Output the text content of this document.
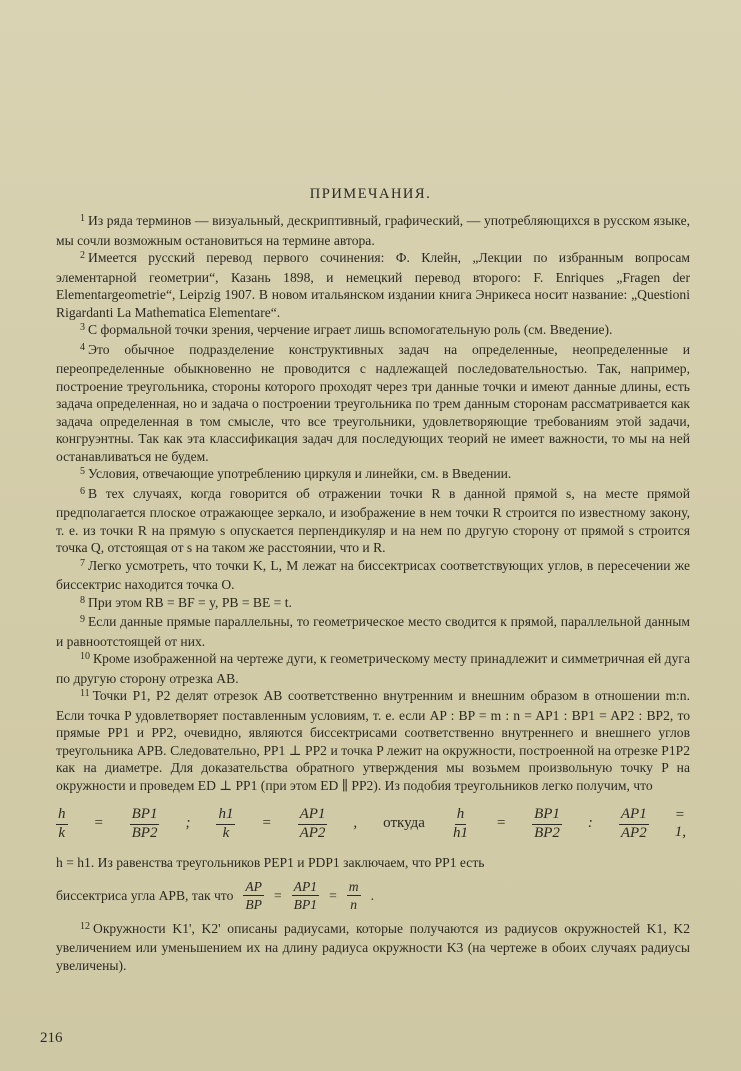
ПРИМЕЧАНИЯ.

$^1$ Из ряда терминов — визуальный, дескриптивный, графический, — употребляющихся в русском языке, мы сочли возможным остановиться на термине автора.

$^2$ Имеется русский перевод первого сочинения: Ф. Клейн, „Лекции по избранным вопросам элементарной геометрии“, Казань 1898, и немецкий перевод второго: F. Enriques „Fragen der Elementargeometrie“, Leipzig 1907. В новом итальянском издании книга Энрикеса носит название: „Questioni Rigardanti La Mathematica Elementare“.

$^3$ С формальной точки зрения, черчение играет лишь вспомогательную роль (см. Введение).

$^4$ Это обычное подразделение конструктивных задач на определенные, неопределенные и переопределенные обыкновенно не проводится с надлежащей последовательностью. Так, например, построение треугольника, стороны которого проходят через три данные точки и имеют данные длины, есть задача определенная, но и задача о построении треугольника по трем данным сторонам рассматривается как задача определенная в том смысле, что все треугольники, удовлетворяющие требованиям этой задачи, конгруэнтны. Так как эта классификация задач для последующих теорий не имеет важности, то мы на ней останавливаться не будем.

$^5$ Условия, отвечающие употреблению циркуля и линейки, см. в Введении.

$^6$ В тех случаях, когда говорится об отражении точки R в данной прямой s, на месте прямой предполагается плоское отражающее зеркало, и изображение в нем точки R строится по известному закону, т. е. из точки R на прямую s опускается перпендикуляр и на нем по другую сторону от прямой s строится точка Q, отстоящая от s на таком же расстоянии, что и R.

$^7$ Легко усмотреть, что точки K, L, M лежат на биссектрисах соответствующих углов, в пересечении же биссектрис находится точка O.

$^8$ При этом RB = BF = y, PB = BE = t.

$^9$ Если данные прямые параллельны, то геометрическое место сводится к прямой, параллельной данным и равноотстоящей от них.

$^{10}$ Кроме изображенной на чертеже дуги, к геометрическому месту принадлежит и симметричная ей дуга по другую сторону отрезка AB.

$^{11}$ Точки P1, P2 делят отрезок AB соответственно внутренним и внешним образом в отношении m:n. Если точка P удовлетворяет поставленным условиям, т. е. если AP : BP = m : n = AP1 : BP1 = AP2 : BP2, то прямые PP1 и PP2, очевидно, являются биссектрисами соответственно внутреннего и внешнего углов треугольника APB. Следовательно, PP1 ⊥ PP2 и точка P лежит на окружности, построенной на отрезке P1P2 как на диаметре. Для доказательства обратного утверждения мы возьмем произвольную точку P на окружности и проведем ED ⊥ PP1 (при этом ED ∥ PP2). Из подобия треугольников легко получим, что

$\frac{h}{k} = \frac{BP1}{BP2}$ ; $\frac{h1}{k} = \frac{AP1}{AP2}$ , откуда $\frac{h}{h1} = \frac{BP1}{BP2}$ : $\frac{AP1}{AP2} = 1$,

h = h1. Из равенства треугольников PEP1 и PDP1 заключаем, что PP1 есть

биссектриса угла APB, так что $\frac{AP}{BP} = \frac{AP1}{BP1} = \frac{m}{n}$ .

$^{12}$ Окружности K1', K2' описаны радиусами, которые получаются из радиусов окружностей K1, K2 увеличением или уменьшением их на длину радиуса окружности K3 (на чертеже в обоих случаях радиусы увеличены).

216
